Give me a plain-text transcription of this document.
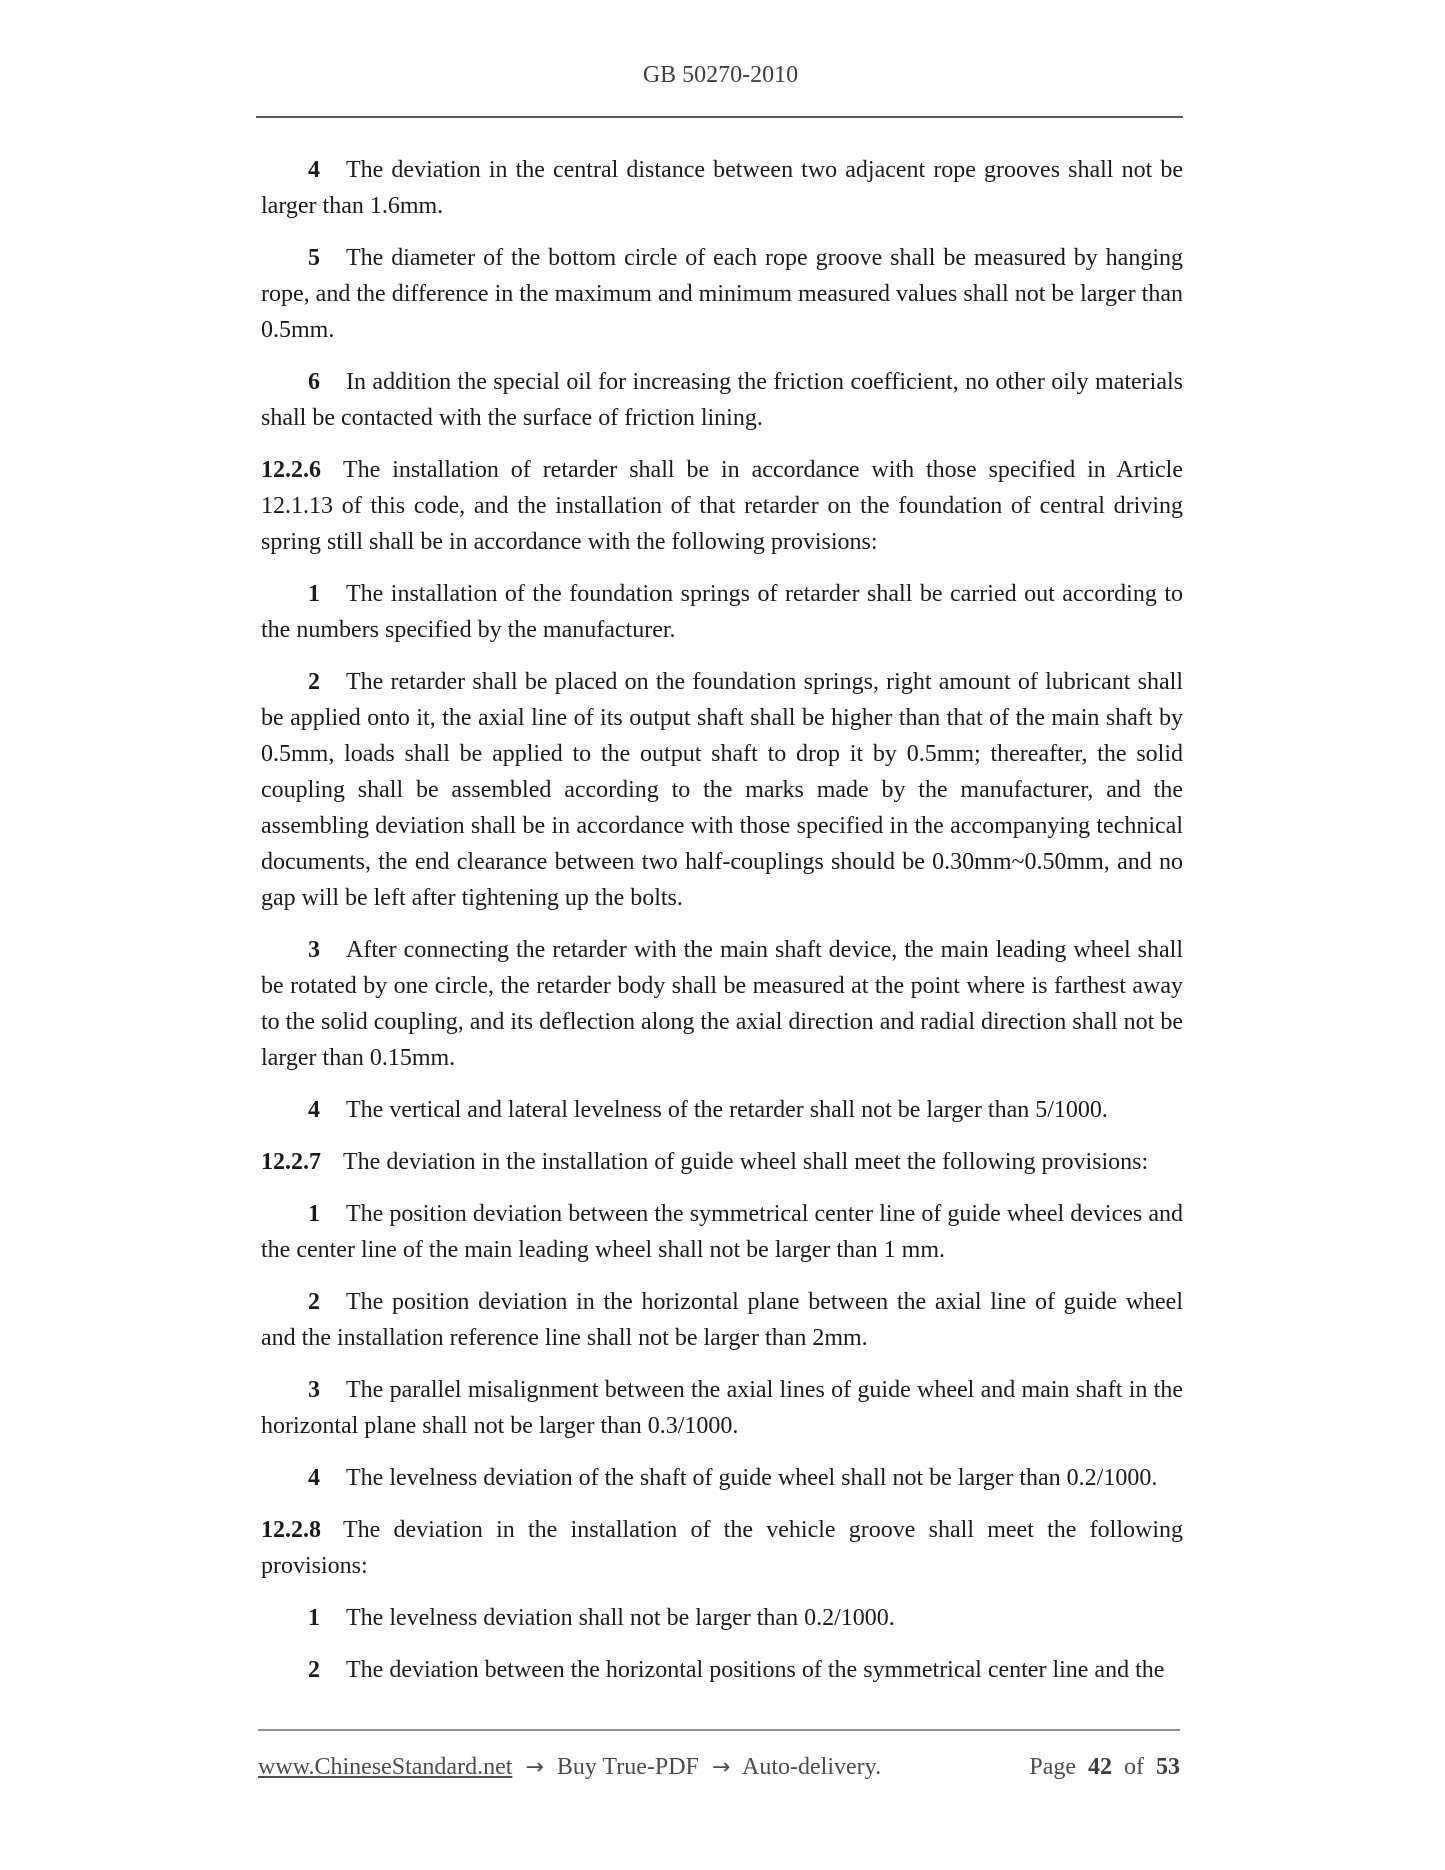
GB 50270-2010

4 The deviation in the central distance between two adjacent rope grooves shall not be larger than 1.6mm.

5 The diameter of the bottom circle of each rope groove shall be measured by hanging rope, and the difference in the maximum and minimum measured values shall not be larger than 0.5mm.

6 In addition the special oil for increasing the friction coefficient, no other oily materials shall be contacted with the surface of friction lining.

12.2.6 The installation of retarder shall be in accordance with those specified in Article 12.1.13 of this code, and the installation of that retarder on the foundation of central driving spring still shall be in accordance with the following provisions:

1 The installation of the foundation springs of retarder shall be carried out according to the numbers specified by the manufacturer.

2 The retarder shall be placed on the foundation springs, right amount of lubricant shall be applied onto it, the axial line of its output shaft shall be higher than that of the main shaft by 0.5mm, loads shall be applied to the output shaft to drop it by 0.5mm; thereafter, the solid coupling shall be assembled according to the marks made by the manufacturer, and the assembling deviation shall be in accordance with those specified in the accompanying technical documents, the end clearance between two half-couplings should be 0.30mm~0.50mm, and no gap will be left after tightening up the bolts.

3 After connecting the retarder with the main shaft device, the main leading wheel shall be rotated by one circle, the retarder body shall be measured at the point where is farthest away to the solid coupling, and its deflection along the axial direction and radial direction shall not be larger than 0.15mm.

4 The vertical and lateral levelness of the retarder shall not be larger than 5/1000.

12.2.7 The deviation in the installation of guide wheel shall meet the following provisions:

1 The position deviation between the symmetrical center line of guide wheel devices and the center line of the main leading wheel shall not be larger than 1 mm.

2 The position deviation in the horizontal plane between the axial line of guide wheel and the installation reference line shall not be larger than 2mm.

3 The parallel misalignment between the axial lines of guide wheel and main shaft in the horizontal plane shall not be larger than 0.3/1000.

4 The levelness deviation of the shaft of guide wheel shall not be larger than 0.2/1000.

12.2.8 The deviation in the installation of the vehicle groove shall meet the following provisions:

1 The levelness deviation shall not be larger than 0.2/1000.

2 The deviation between the horizontal positions of the symmetrical center line and the

www.ChineseStandard.net → Buy True-PDF → Auto-delivery.	Page 42 of 53
